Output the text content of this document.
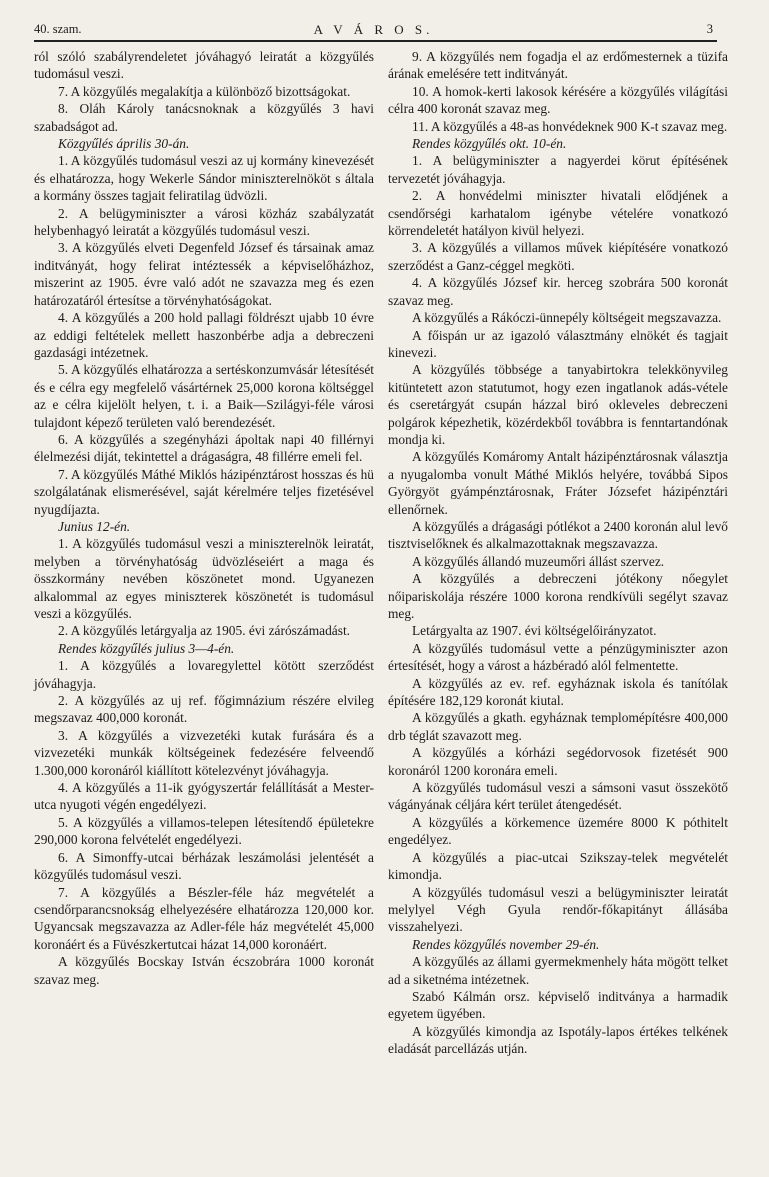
40. szam.	A V Á R O S.	3

ról szóló szabályrendeletet jóváhagyó leiratát a közgyűlés tudomásul veszi.

7. A közgyűlés megalakítja a különböző bizottságokat.

8. Oláh Károly tanácsnoknak a közgyűlés 3 havi szabadságot ad.

Közgyűlés április 30-án.

1. A közgyűlés tudomásul veszi az uj kormány kinevezését és elhatározza, hogy Wekerle Sándor miniszterelnököt s általa a kormány összes tagjait feliratilag üdvözli.

2. A belügyminiszter a városi közház szabályzatát helybenhagyó leiratát a közgyűlés tudomásul veszi.

3. A közgyűlés elveti Degenfeld József és társainak amaz inditványát, hogy felirat intéztessék a képviselőházhoz, miszerint az 1905. évre való adót ne szavazza meg és ezen határozatáról értesítse a törvényhatóságokat.

4. A közgyűlés a 200 hold pallagi földrészt ujabb 10 évre az eddigi feltételek mellett haszonbérbe adja a debreczeni gazdasági intézetnek.

5. A közgyűlés elhatározza a sertéskonzumvásár létesítését és e célra egy megfelelő vásártérnek 25,000 korona költséggel az e célra kijelölt helyen, t. i. a Baik—Szilágyi-féle városi tulajdont képező területen való berendezését.

6. A közgyűlés a szegényházi ápoltak napi 40 fillérnyi élelmezési diját, tekintettel a drágaságra, 48 fillérre emeli fel.

7. A közgyűlés Máthé Miklós házipénztárost hosszas és hü szolgálatának elismerésével, saját kérelmére teljes fizetésével nyugdíjazta.

Junius 12-én.

1. A közgyűlés tudomásul veszi a miniszterelnök leiratát, melyben a törvényhatóság üdvözléseiért a maga és összkormány nevében köszönetet mond. Ugyanezen alkalommal az egyes miniszterek köszönetét is tudomásul veszi a közgyűlés.

2. A közgyűlés letárgyalja az 1905. évi zárószámadást.

Rendes közgyűlés julius 3—4-én.

1. A közgyűlés a lovaregylettel kötött szerződést jóváhagyja.

2. A közgyűlés az uj ref. főgimnázium részére elvileg megszavaz 400,000 koronát.

3. A közgyűlés a vizvezetéki kutak furására és a vizvezetéki munkák költségeinek fedezésére felveendő 1.300,000 koronáról kiállított kötelezvényt jóváhagyja.

4. A közgyűlés a 11-ik gyógyszertár felállítását a Mester-utca nyugoti végén engedélyezi.

5. A közgyűlés a villamos-telepen létesítendő épületekre 290,000 korona felvételét engedélyezi.

6. A Simonffy-utcai bérházak leszámolási jelentését a közgyűlés tudomásul veszi.

7. A közgyűlés a Bészler-féle ház megvételét a csendőrparancsnokság elhelyezésére elhatározza 120,000 kor. Ugyancsak megszavazza az Adler-féle ház megvételét 45,000 koronáért és a Füvészkertutcai házat 14,000 koronáért.

A közgyűlés Bocskay István écszobrára 1000 koronát szavaz meg.

9. A közgyűlés nem fogadja el az erdőmesternek a tüzifa árának emelésére tett inditványát.

10. A homok-kerti lakosok kérésére a közgyűlés világítási célra 400 koronát szavaz meg.

11. A közgyűlés a 48-as honvédeknek 900 K-t szavaz meg.

Rendes közgyűlés okt. 10-én.

1. A belügyminiszter a nagyerdei körut építésének tervezetét jóváhagyja.

2. A honvédelmi miniszter hivatali elődjének a csendőrségi karhatalom igénybe vételére vonatkozó körrendeletét hatályon kivül helyezi.

3. A közgyűlés a villamos művek kiépítésére vonatkozó szerződést a Ganz-céggel megköti.

4. A közgyűlés József kir. herceg szobrára 500 koronát szavaz meg.

A közgyűlés a Rákóczi-ünnepély költségeit megszavazza.

A főispán ur az igazoló választmány elnökét és tagjait kinevezi.

A közgyűlés többsége a tanyabirtokra telekkönyvileg kitüntetett azon statutumot, hogy ezen ingatlanok adás-vétele és cseretárgyát csupán házzal biró okleveles debreczeni polgárok képezhetik, közérdekből továbbra is fenntartandónak mondja ki.

A közgyűlés Komáromy Antalt házipénztárosnak választja a nyugalomba vonult Máthé Miklós helyére, továbbá Sipos Györgyöt gyámpénztárosnak, Fráter Józsefet házipénztári ellenőrnek.

A közgyűlés a drágasági pótlékot a 2400 koronán alul levő tisztviselőknek és alkalmazottaknak megszavazza.

A közgyűlés állandó muzeumőri állást szervez.

A közgyűlés a debreczeni jótékony nőegylet nőipariskolája részére 1000 korona rendkívüli segélyt szavaz meg.

Letárgyalta az 1907. évi költségelőirányzatot.

A közgyűlés tudomásul vette a pénzügyminiszter azon értesítését, hogy a várost a házbéradó alól felmentette.

A közgyűlés az ev. ref. egyháznak iskola és tanítólak építésére 182,129 koronát kiutal.

A közgyűlés a gkath. egyháznak templomépítésre 400,000 drb téglát szavazott meg.

A közgyűlés a kórházi segédorvosok fizetését 900 koronáról 1200 koronára emeli.

A közgyűlés tudomásul veszi a sámsoni vasut összekötő vágányának céljára kért terület átengedését.

A közgyűlés a körkemence üzemére 8000 K póthitelt engedélyez.

A közgyűlés a piac-utcai Szikszay-telek megvételét kimondja.

A közgyűlés tudomásul veszi a belügyminiszter leiratát melylyel Végh Gyula rendőr-főkapitányt állásába visszahelyezi.

Rendes közgyűlés november 29-én.

A közgyűlés az állami gyermekmenhely háta mögött telket ad a siketnéma intézetnek.

Szabó Kálmán orsz. képviselő inditványa a harmadik egyetem ügyében.

A közgyűlés kimondja az Ispotály-lapos értékes telkének eladását parcellázás utján.
